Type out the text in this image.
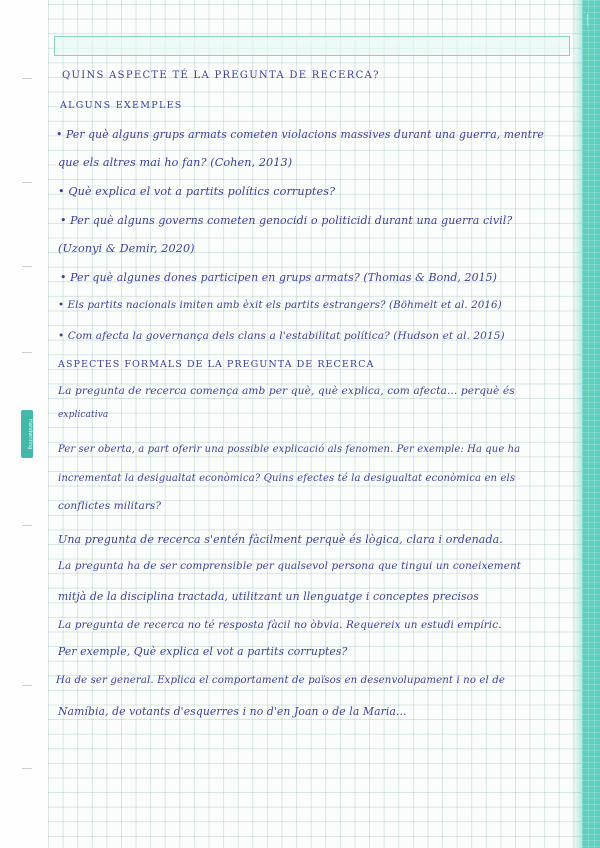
Handwriting
QUINS ASPECTE TÉ LA PREGUNTA DE RECERCA?
ALGUNS EXEMPLES
• Per què alguns grups armats cometen violacions massives durant una guerra, mentre
que els altres mai ho fan? (Cohen, 2013)
• Què explica el vot a partits polítics corruptes?
• Per què alguns governs cometen genocidi o politicidi durant una guerra civil?
(Uzonyi & Demir, 2020)
• Per què algunes dones participen en grups armats? (Thomas & Bond, 2015)
• Els partits nacionals imiten amb èxit els partits estrangers? (Böhmelt et al. 2016)
• Com afecta la governança dels clans a l'estabilitat política? (Hudson et al. 2015)
ASPECTES FORMALS DE LA PREGUNTA DE RECERCA
La pregunta de recerca comença amb per què, què explica, com afecta... perquè és
explicativa
Per ser oberta, a part oferir una possible explicació als fenomen. Per exemple: Ha que ha
incrementat la desigualtat econòmica? Quins efectes té la desigualtat econòmica en els
conflictes militars?
Una pregunta de recerca s'entén fàcilment perquè és lògica, clara i ordenada.
La pregunta ha de ser comprensible per qualsevol persona que tingui un coneixement
mitjà de la disciplina tractada, utilitzant un llenguatge i conceptes precisos
La pregunta de recerca no té resposta fàcil no òbvia. Requereix un estudi empíric.
Per exemple, Què explica el vot a partits corruptes?
Ha de ser general. Explica el comportament de països en desenvolupament i no el de
Namíbia, de votants d'esquerres i no d'en Joan o de la Maria...
